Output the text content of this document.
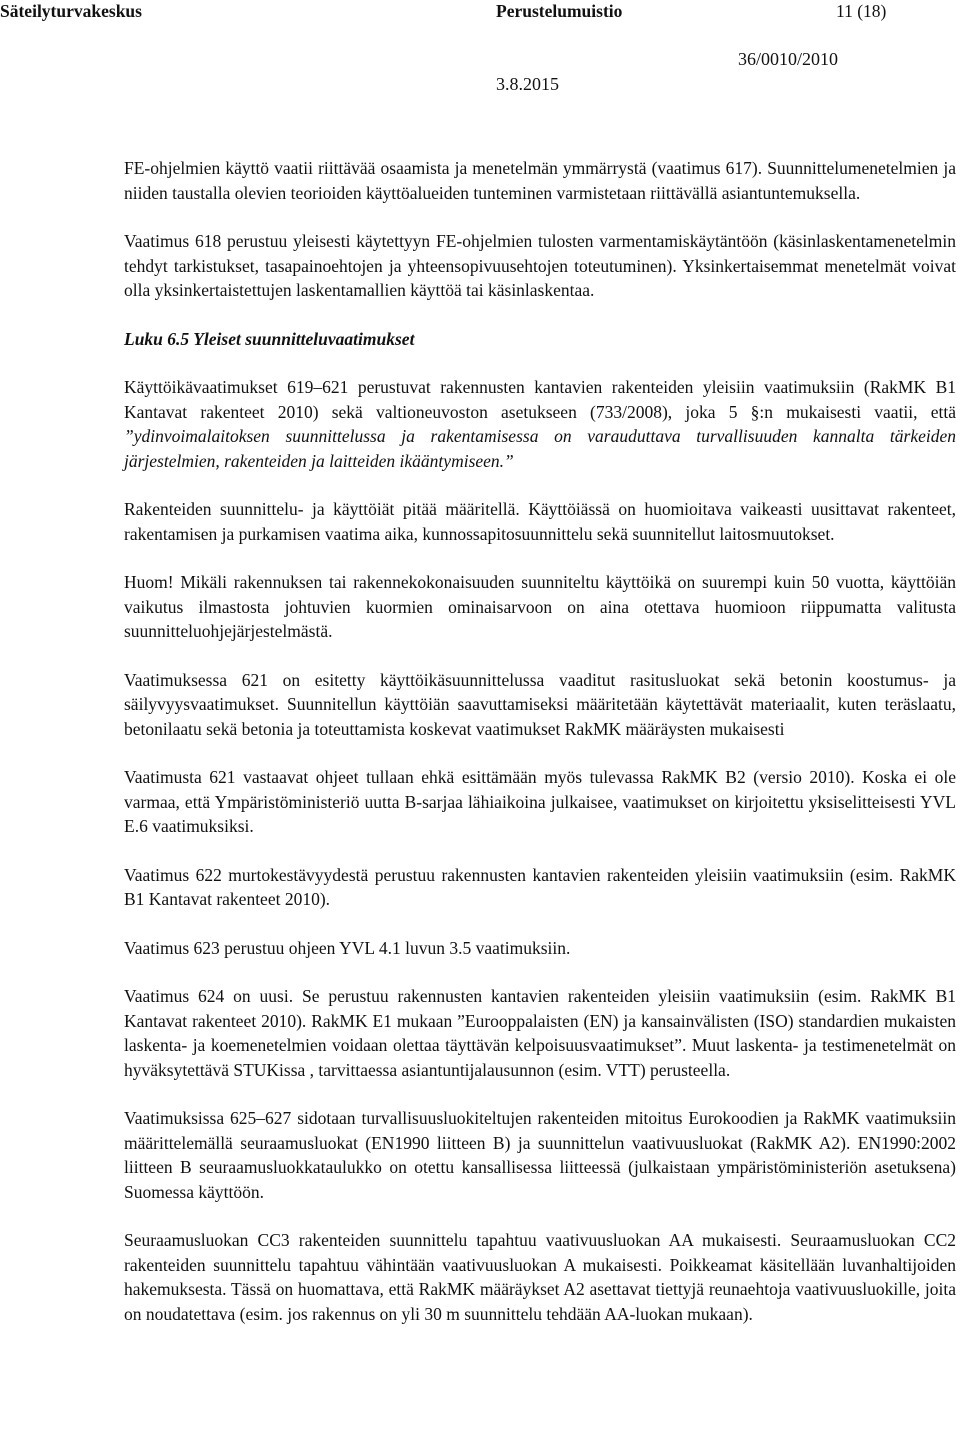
Säteilyturvakeskus	Perustelumuistio	11 (18)
36/0010/2010
3.8.2015

FE-ohjelmien käyttö vaatii riittävää osaamista ja menetelmän ymmärrystä (vaatimus 617). Suunnittelumenetelmien ja niiden taustalla olevien teorioiden käyttöalueiden tunteminen varmistetaan riittävällä asiantuntemuksella.

Vaatimus 618 perustuu yleisesti käytettyyn FE-ohjelmien tulosten varmentamiskäytäntöön (käsinlaskentamenetelmin tehdyt tarkistukset, tasapainoehtojen ja yhteensopivuusehtojen toteutuminen). Yksinkertaisemmat menetelmät voivat olla yksinkertaistettujen laskentamallien käyttöä tai käsinlaskentaa.

Luku 6.5 Yleiset suunnitteluvaatimukset

Käyttöikävaatimukset 619–621 perustuvat rakennusten kantavien rakenteiden yleisiin vaatimuksiin (RakMK B1 Kantavat rakenteet 2010) sekä valtioneuvoston asetukseen (733/2008), joka 5 §:n mukaisesti vaatii, että ”ydinvoimalaitoksen suunnittelussa ja rakentamisessa on varauduttava turvallisuuden kannalta tärkeiden järjestelmien, rakenteiden ja laitteiden ikääntymiseen.”

Rakenteiden suunnittelu- ja käyttöiät pitää määritellä. Käyttöiässä on huomioitava vaikeasti uusittavat rakenteet, rakentamisen ja purkamisen vaatima aika, kunnossapitosuunnittelu sekä suunnitellut laitosmuutokset.

Huom! Mikäli rakennuksen tai rakennekokonaisuuden suunniteltu käyttöikä on suurempi kuin 50 vuotta, käyttöiän vaikutus ilmastosta johtuvien kuormien ominaisarvoon on aina otettava huomioon riippumatta valitusta suunnitteluohjejärjestelmästä.

Vaatimuksessa 621 on esitetty käyttöikäsuunnittelussa vaaditut rasitusluokat sekä betonin koostumus- ja säilyvyysvaatimukset. Suunnitellun käyttöiän saavuttamiseksi määritetään käytettävät materiaalit, kuten teräslaatu, betonilaatu sekä betonia ja toteuttamista koskevat vaatimukset RakMK määräysten mukaisesti

Vaatimusta 621 vastaavat ohjeet tullaan ehkä esittämään myös tulevassa RakMK B2 (versio 2010). Koska ei ole varmaa, että Ympäristöministeriö uutta B-sarjaa lähiaikoina julkaisee, vaatimukset on kirjoitettu yksiselitteisesti YVL E.6 vaatimuksiksi.

Vaatimus 622 murtokestävyydestä perustuu rakennusten kantavien rakenteiden yleisiin vaatimuksiin (esim. RakMK B1 Kantavat rakenteet 2010).

Vaatimus 623 perustuu ohjeen YVL 4.1 luvun 3.5 vaatimuksiin.

Vaatimus 624 on uusi. Se perustuu rakennusten kantavien rakenteiden yleisiin vaatimuksiin (esim. RakMK B1 Kantavat rakenteet 2010). RakMK E1 mukaan ”Eurooppalaisten (EN) ja kansainvälisten (ISO) standardien mukaisten laskenta- ja koemenetelmien voidaan olettaa täyttävän kelpoisuusvaatimukset”. Muut laskenta- ja testimenetelmät on hyväksytettävä STUKissa , tarvittaessa asiantuntijalausunnon (esim. VTT) perusteella.

Vaatimuksissa 625–627 sidotaan turvallisuusluokiteltujen rakenteiden mitoitus Eurokoodien ja RakMK vaatimuksiin määrittelemällä seuraamusluokat (EN1990 liitteen B) ja suunnittelun vaativuusluokat (RakMK A2). EN1990:2002 liitteen B seuraamusluokkataulukko on otettu kansallisessa liitteessä (julkaistaan ympäristöministeriön asetuksena) Suomessa käyttöön.

Seuraamusluokan CC3 rakenteiden suunnittelu tapahtuu vaativuusluokan AA mukaisesti. Seuraamusluokan CC2 rakenteiden suunnittelu tapahtuu vähintään vaativuusluokan A mukaisesti. Poikkeamat käsitellään luvanhaltijoiden hakemuksesta. Tässä on huomattava, että RakMK määräykset A2 asettavat tiettyjä reunaehtoja vaativuusluokille, joita on noudatettava (esim. jos rakennus on yli 30 m suunnittelu tehdään AA-luokan mukaan).
